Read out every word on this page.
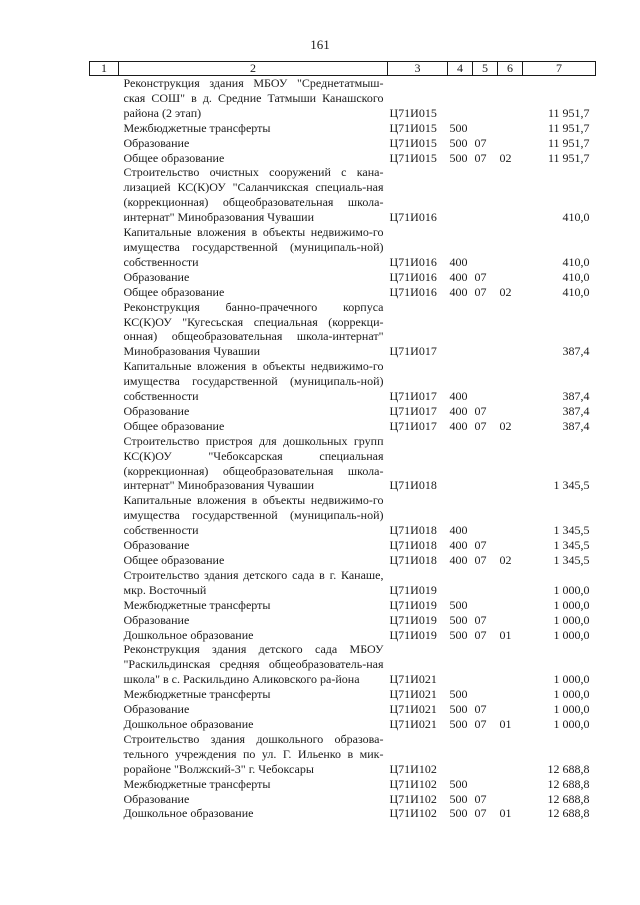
161
1	2	3	4	5	6	7
	Реконструкция здания МБОУ "Среднетатмыш-ская СОШ" в д. Средние Татмыши Канашского района (2 этап)	Ц71И015				11 951,7
	Межбюджетные трансферты	Ц71И015	500			11 951,7
	Образование	Ц71И015	500	07		11 951,7
	Общее образование	Ц71И015	500	07	02	11 951,7
	Строительство очистных сооружений с кана-лизацией КС(К)ОУ "Саланчикская специаль-ная (коррекционная) общеобразовательная школа-интернат" Минобразования Чувашии	Ц71И016				410,0
	Капитальные вложения в объекты недвижимо-го имущества государственной (муниципаль-ной) собственности	Ц71И016	400			410,0
	Образование	Ц71И016	400	07		410,0
	Общее образование	Ц71И016	400	07	02	410,0
	Реконструкция банно-прачечного корпуса КС(К)ОУ "Кугесьская специальная (коррекци-онная) общеобразовательная школа-интернат" Минобразования Чувашии	Ц71И017				387,4
	Капитальные вложения в объекты недвижимо-го имущества государственной (муниципаль-ной) собственности	Ц71И017	400			387,4
	Образование	Ц71И017	400	07		387,4
	Общее образование	Ц71И017	400	07	02	387,4
	Строительство пристроя для дошкольных групп КС(К)ОУ "Чебоксарская специальная (коррекционная) общеобразовательная школа-интернат" Минобразования Чувашии	Ц71И018				1 345,5
	Капитальные вложения в объекты недвижимо-го имущества государственной (муниципаль-ной) собственности	Ц71И018	400			1 345,5
	Образование	Ц71И018	400	07		1 345,5
	Общее образование	Ц71И018	400	07	02	1 345,5
	Строительство здания детского сада в г. Канаше, мкр. Восточный	Ц71И019				1 000,0
	Межбюджетные трансферты	Ц71И019	500			1 000,0
	Образование	Ц71И019	500	07		1 000,0
	Дошкольное образование	Ц71И019	500	07	01	1 000,0
	Реконструкция здания детского сада МБОУ "Раскильдинская средняя общеобразователь-ная школа" в с. Раскильдино Аликовского ра-йона	Ц71И021				1 000,0
	Межбюджетные трансферты	Ц71И021	500			1 000,0
	Образование	Ц71И021	500	07		1 000,0
	Дошкольное образование	Ц71И021	500	07	01	1 000,0
	Строительство здания дошкольного образова-тельного учреждения по ул. Г. Ильенко в мик-рорайоне "Волжский-3" г. Чебоксары	Ц71И102				12 688,8
	Межбюджетные трансферты	Ц71И102	500			12 688,8
	Образование	Ц71И102	500	07		12 688,8
	Дошкольное образование	Ц71И102	500	07	01	12 688,8
